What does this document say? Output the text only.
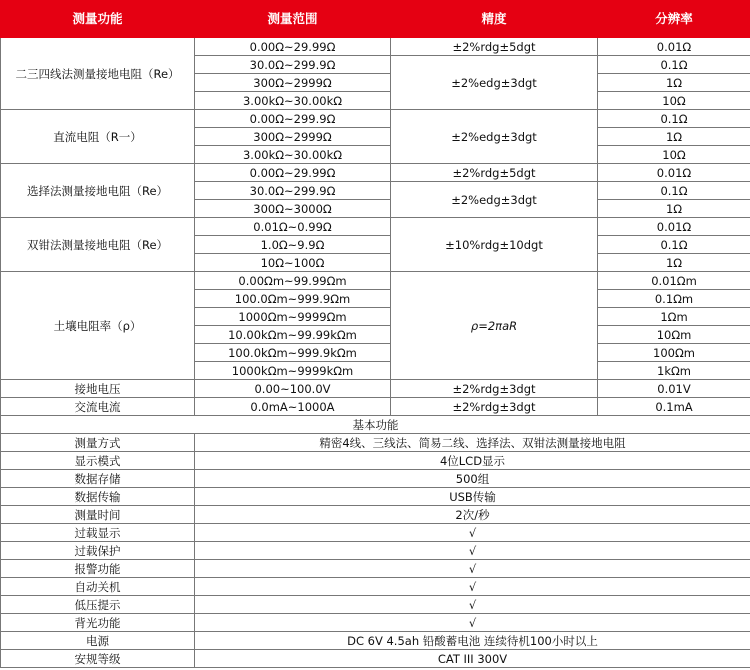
测量功能	测量范围	精度	分辨率
二三四线法测量接地电阻（Re）	0.00Ω~29.99Ω	±2%rdg±5dgt	0.01Ω
	30.0Ω~299.9Ω	±2%edg±3dgt	0.1Ω
	300Ω~2999Ω		1Ω
	3.00kΩ~30.00kΩ		10Ω
直流电阻（R一）	0.00Ω~299.9Ω	±2%edg±3dgt	0.1Ω
	300Ω~2999Ω		1Ω
	3.00kΩ~30.00kΩ		10Ω
选择法测量接地电阻（Re）	0.00Ω~29.99Ω	±2%rdg±5dgt	0.01Ω
	30.0Ω~299.9Ω	±2%edg±3dgt	0.1Ω
	300Ω~3000Ω		1Ω
双钳法测量接地电阻（Re）	0.01Ω~0.99Ω	±10%rdg±10dgt	0.01Ω
	1.0Ω~9.9Ω		0.1Ω
	10Ω~100Ω		1Ω
土壤电阻率（ρ）	0.00Ωm~99.99Ωm	ρ=2πaR	0.01Ωm
	100.0Ωm~999.9Ωm		0.1Ωm
	1000Ωm~9999Ωm		1Ωm
	10.00kΩm~99.99kΩm		10Ωm
	100.0kΩm~999.9kΩm		100Ωm
	1000kΩm~9999kΩm		1kΩm
接地电压	0.00~100.0V	±2%rdg±3dgt	0.01V
交流电流	0.0mA~1000A	±2%rdg±3dgt	0.1mA
基本功能			
测量方式	精密4线、三线法、简易二线、选择法、双钳法测量接地电阻		
显示模式	4位LCD显示		
数据存储	500组		
数据传输	USB传输		
测量时间	2次/秒		
过载显示	√		
过载保护	√		
报警功能	√		
自动关机	√		
低压提示	√		
背光功能	√		
电源	DC 6V 4.5ah 铅酸蓄电池 连续待机100小时以上		
安规等级	CAT III 300V		
